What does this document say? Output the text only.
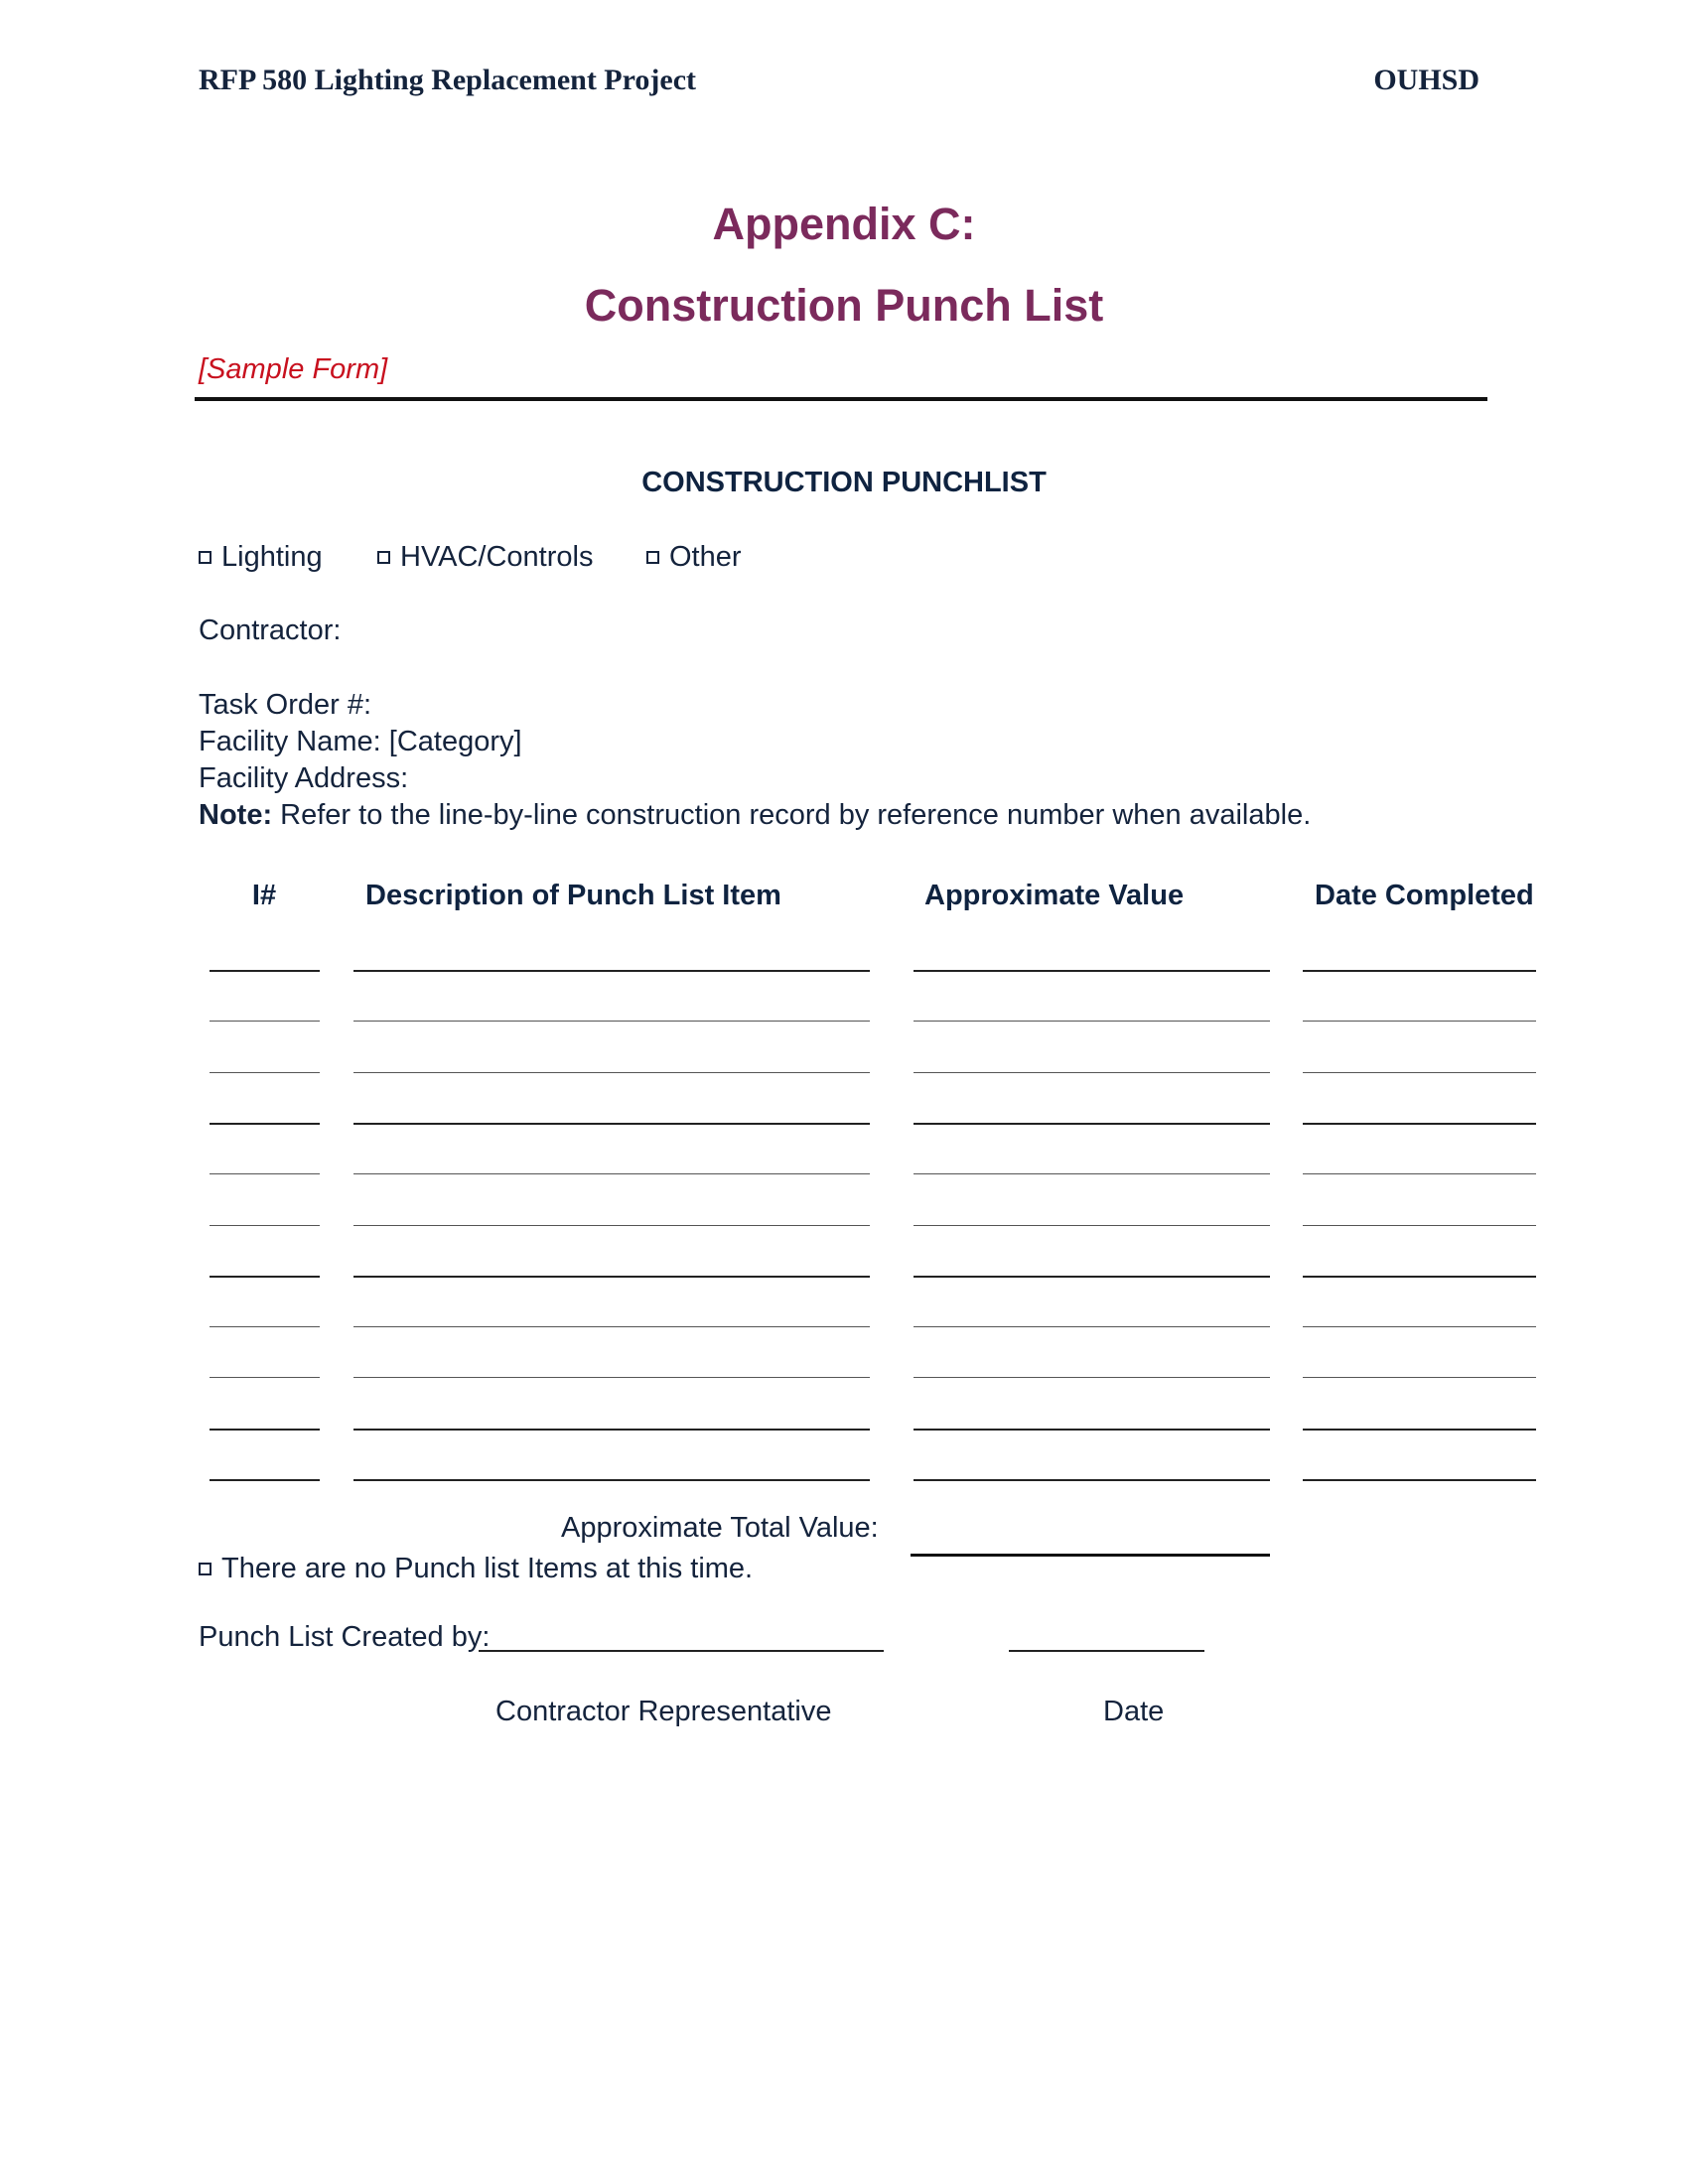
RFP 580 Lighting Replacement Project	OUHSD
Appendix C:
Construction Punch List
[Sample Form]
CONSTRUCTION PUNCHLIST
Lighting	HVAC/Controls	Other
Contractor:
Task Order #:
Facility Name: [Category]
Facility Address:
Note: Refer to the line-by-line construction record by reference number when available.
I#	Description of Punch List Item	Approximate Value	Date Completed
Approximate Total Value:
There are no Punch list Items at this time.
Punch List Created by:
Contractor Representative	Date
